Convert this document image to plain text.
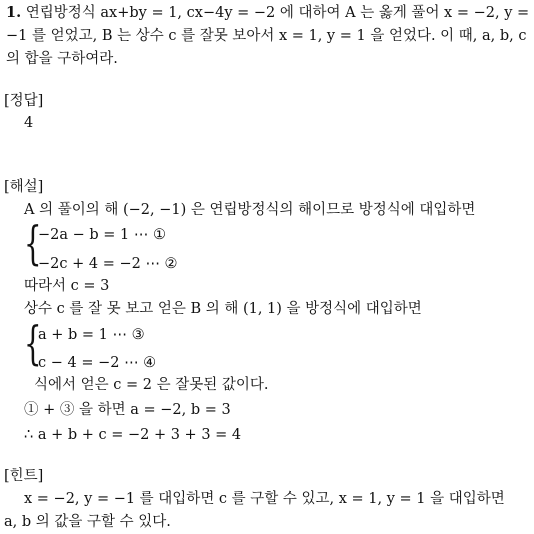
1. 연립방정식 ax+by = 1, cx−4y = −2 에 대하여 A 는 옳게 풀어 x = −2, y =
−1 를 얻었고, B 는 상수 c 를 잘못 보아서 x = 1, y = 1 을 얻었다. 이 때, a, b, c
의 합을 구하여라.
[정답]
4
[해설]
A 의 풀이의 해 (−2, −1) 은 연립방정식의 해이므로 방정식에 대입하면
{
−2a − b = 1 ⋯ ①
−2c + 4 = −2 ⋯ ②
따라서 c = 3
상수 c 를 잘 못 보고 얻은 B 의 해 (1, 1) 을 방정식에 대입하면
{
a + b = 1 ⋯ ③
c − 4 = −2 ⋯ ④
식에서 얻은 c = 2 은 잘못된 값이다.
① + ③ 을 하면 a = −2, b = 3
∴ a + b + c = −2 + 3 + 3 = 4
[힌트]
x = −2, y = −1 를 대입하면 c 를 구할 수 있고, x = 1, y = 1 을 대입하면
a, b 의 값을 구할 수 있다.
